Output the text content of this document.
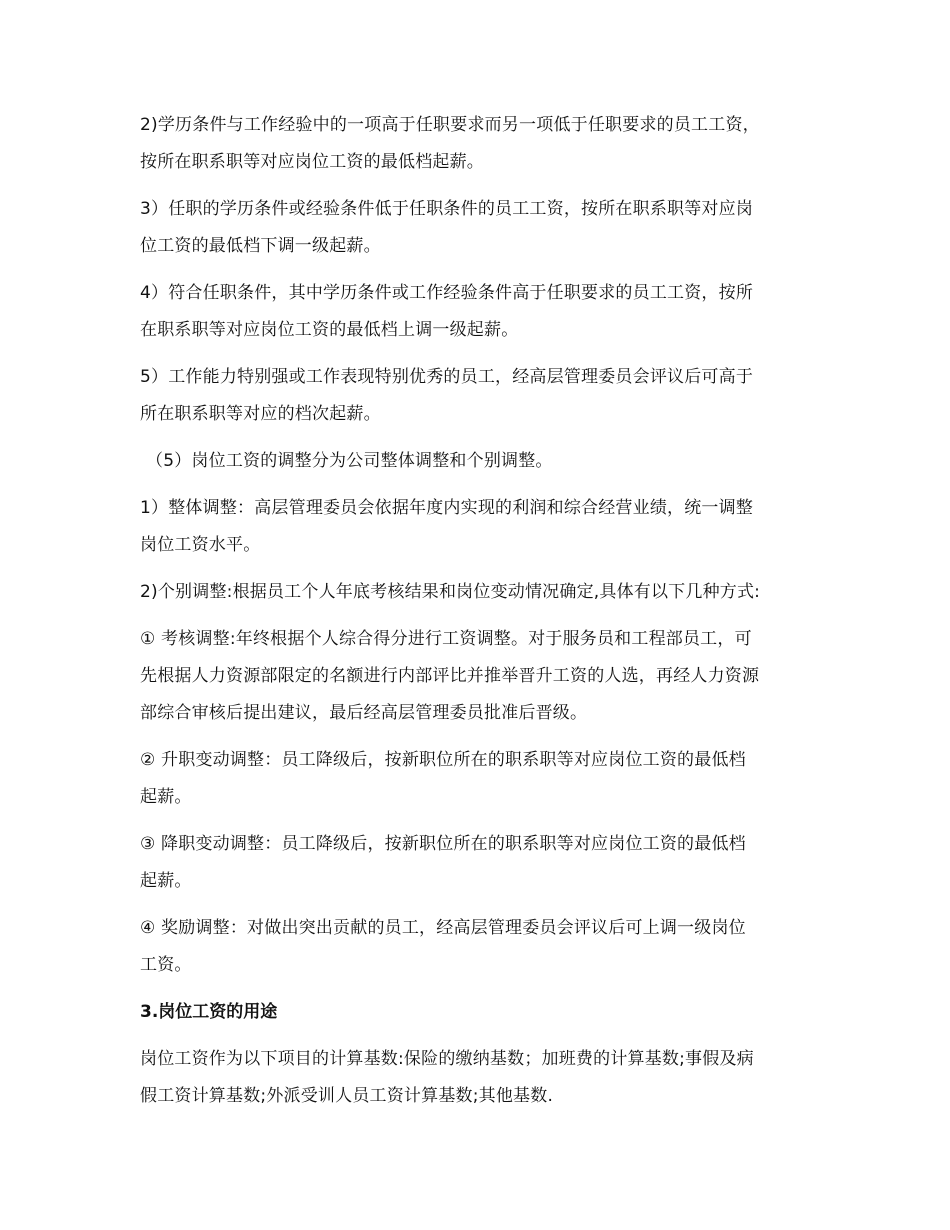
2)学历条件与工作经验中的一项高于任职要求而另一项低于任职要求的员工工资，
按所在职系职等对应岗位工资的最低档起薪。

3）任职的学历条件或经验条件低于任职条件的员工工资，按所在职系职等对应岗
位工资的最低档下调一级起薪。

4）符合任职条件，其中学历条件或工作经验条件高于任职要求的员工工资，按所
在职系职等对应岗位工资的最低档上调一级起薪。

5）工作能力特别强或工作表现特别优秀的员工，经高层管理委员会评议后可高于
所在职系职等对应的档次起薪。

（5）岗位工资的调整分为公司整体调整和个别调整。

1）整体调整：高层管理委员会依据年度内实现的利润和综合经营业绩，统一调整
岗位工资水平。

2)个别调整:根据员工个人年底考核结果和岗位变动情况确定,具体有以下几种方式:

① 考核调整:年终根据个人综合得分进行工资调整。对于服务员和工程部员工，可
先根据人力资源部限定的名额进行内部评比并推举晋升工资的人选，再经人力资源
部综合审核后提出建议，最后经高层管理委员批准后晋级。

② 升职变动调整：员工降级后，按新职位所在的职系职等对应岗位工资的最低档
起薪。

③ 降职变动调整：员工降级后，按新职位所在的职系职等对应岗位工资的最低档
起薪。

④ 奖励调整：对做出突出贡献的员工，经高层管理委员会评议后可上调一级岗位
工资。

3.岗位工资的用途

岗位工资作为以下项目的计算基数:保险的缴纳基数；加班费的计算基数;事假及病
假工资计算基数;外派受训人员工资计算基数;其他基数.
